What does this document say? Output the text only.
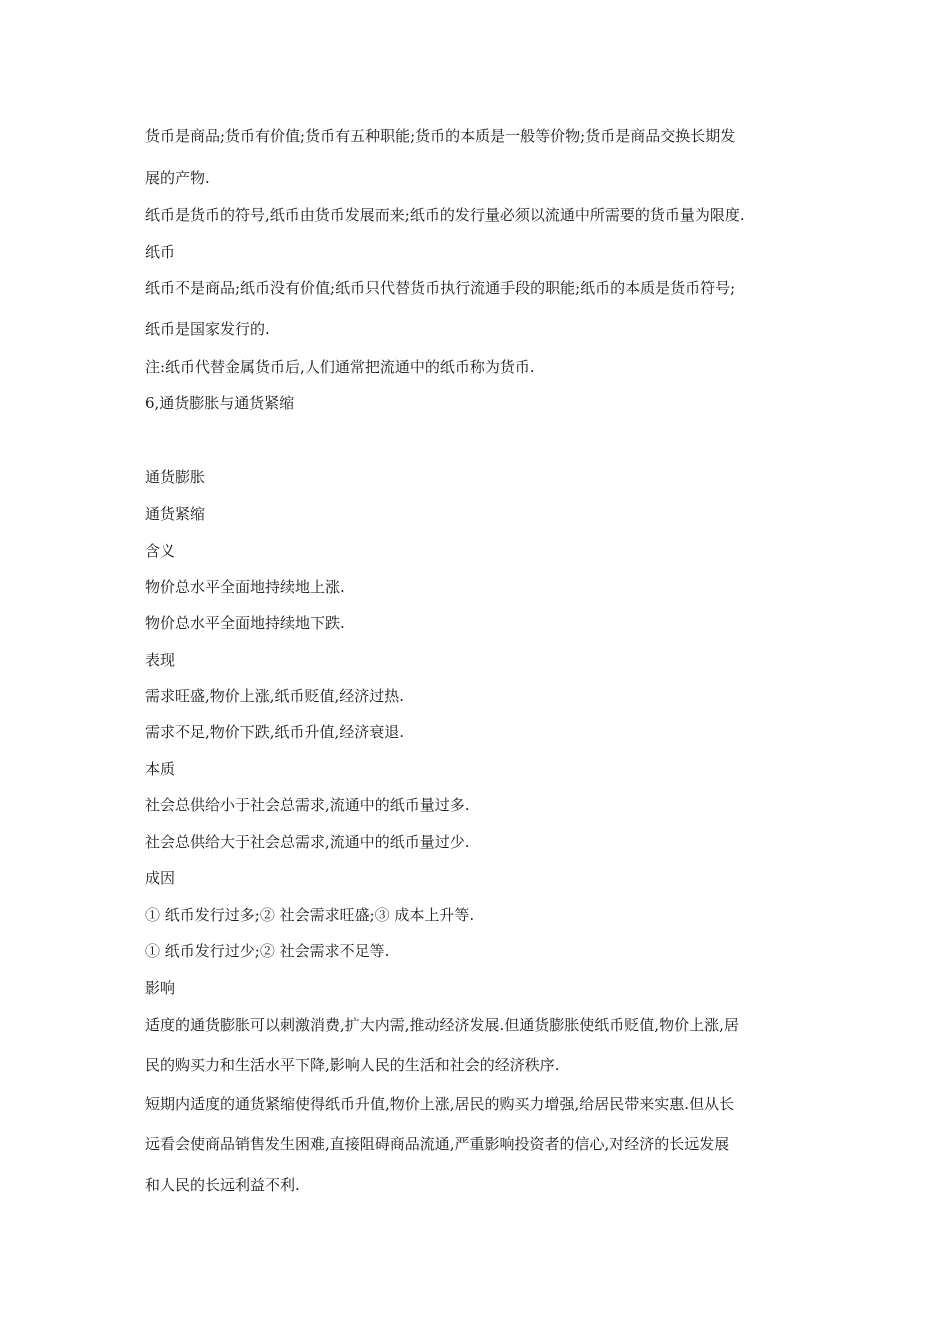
货币是商品;货币有价值;货币有五种职能;货币的本质是一般等价物;货币是商品交换长期发
展的产物.
纸币是货币的符号,纸币由货币发展而来;纸币的发行量必须以流通中所需要的货币量为限度.
纸币
纸币不是商品;纸币没有价值;纸币只代替货币执行流通手段的职能;纸币的本质是货币符号;
纸币是国家发行的.
注:纸币代替金属货币后,人们通常把流通中的纸币称为货币.
6,通货膨胀与通货紧缩
通货膨胀
通货紧缩
含义
物价总水平全面地持续地上涨.
物价总水平全面地持续地下跌.
表现
需求旺盛,物价上涨,纸币贬值,经济过热.
需求不足,物价下跌,纸币升值,经济衰退.
本质
社会总供给小于社会总需求,流通中的纸币量过多.
社会总供给大于社会总需求,流通中的纸币量过少.
成因
① 纸币发行过多;② 社会需求旺盛;③ 成本上升等.
① 纸币发行过少;② 社会需求不足等.
影响
适度的通货膨胀可以刺激消费,扩大内需,推动经济发展.但通货膨胀使纸币贬值,物价上涨,居
民的购买力和生活水平下降,影响人民的生活和社会的经济秩序.
短期内适度的通货紧缩使得纸币升值,物价上涨,居民的购买力增强,给居民带来实惠.但从长
远看会使商品销售发生困难,直接阻碍商品流通,严重影响投资者的信心,对经济的长远发展
和人民的长远利益不利.
